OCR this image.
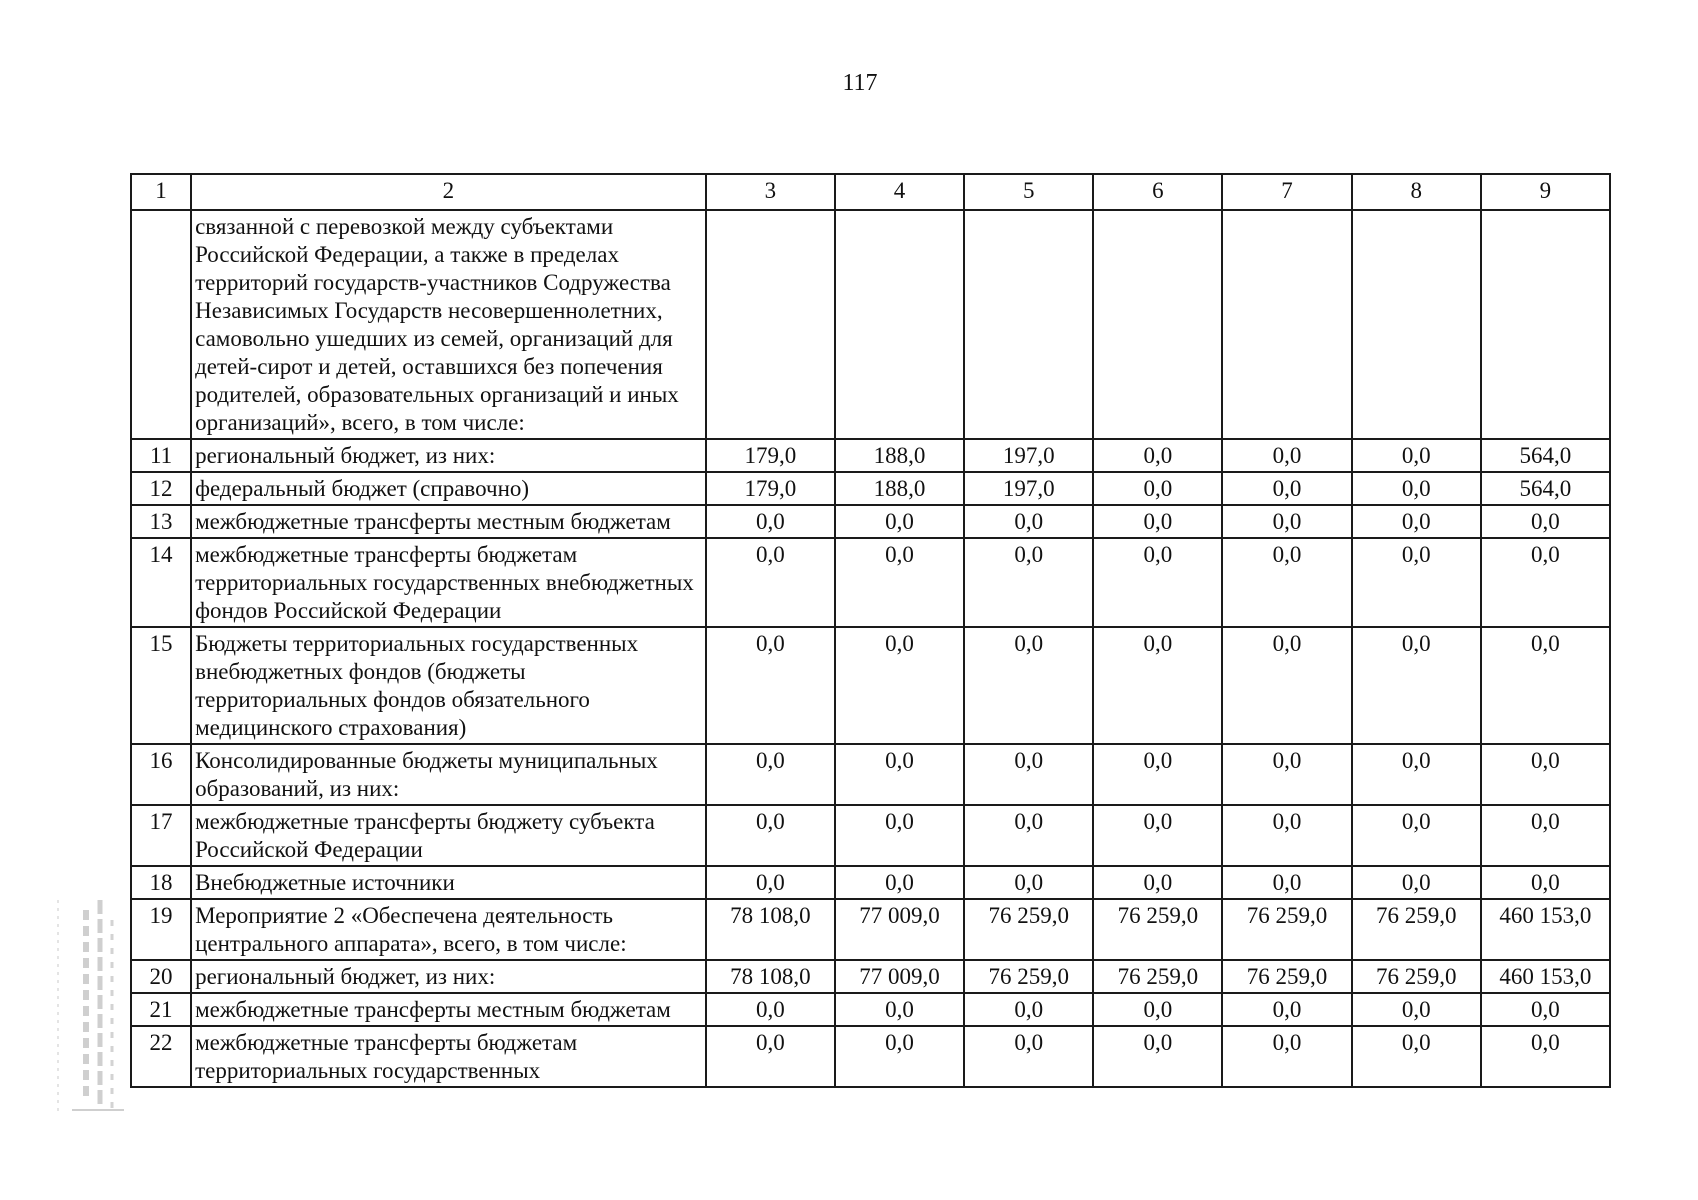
117
1	2	3	4	5	6	7	8	9
	связанной с перевозкой между субъектами Российской Федерации, а также в пределах территорий государств-участников Содружества Независимых Государств несовершеннолетних, самовольно ушедших из семей, организаций для детей-сирот и детей, оставшихся без попечения родителей, образовательных организаций и иных организаций», всего, в том числе:							
11	региональный бюджет, из них:	179,0	188,0	197,0	0,0	0,0	0,0	564,0
12	федеральный бюджет (справочно)	179,0	188,0	197,0	0,0	0,0	0,0	564,0
13	межбюджетные трансферты местным бюджетам	0,0	0,0	0,0	0,0	0,0	0,0	0,0
14	межбюджетные трансферты бюджетам территориальных государственных внебюджетных фондов Российской Федерации	0,0	0,0	0,0	0,0	0,0	0,0	0,0
15	Бюджеты территориальных государственных внебюджетных фондов (бюджеты территориальных фондов обязательного медицинского страхования)	0,0	0,0	0,0	0,0	0,0	0,0	0,0
16	Консолидированные бюджеты муниципальных образований, из них:	0,0	0,0	0,0	0,0	0,0	0,0	0,0
17	межбюджетные трансферты бюджету субъекта Российской Федерации	0,0	0,0	0,0	0,0	0,0	0,0	0,0
18	Внебюджетные источники	0,0	0,0	0,0	0,0	0,0	0,0	0,0
19	Мероприятие 2 «Обеспечена деятельность центрального аппарата», всего, в том числе:	78 108,0	77 009,0	76 259,0	76 259,0	76 259,0	76 259,0	460 153,0
20	региональный бюджет, из них:	78 108,0	77 009,0	76 259,0	76 259,0	76 259,0	76 259,0	460 153,0
21	межбюджетные трансферты местным бюджетам	0,0	0,0	0,0	0,0	0,0	0,0	0,0
22	межбюджетные трансферты бюджетам территориальных государственных	0,0	0,0	0,0	0,0	0,0	0,0	0,0
